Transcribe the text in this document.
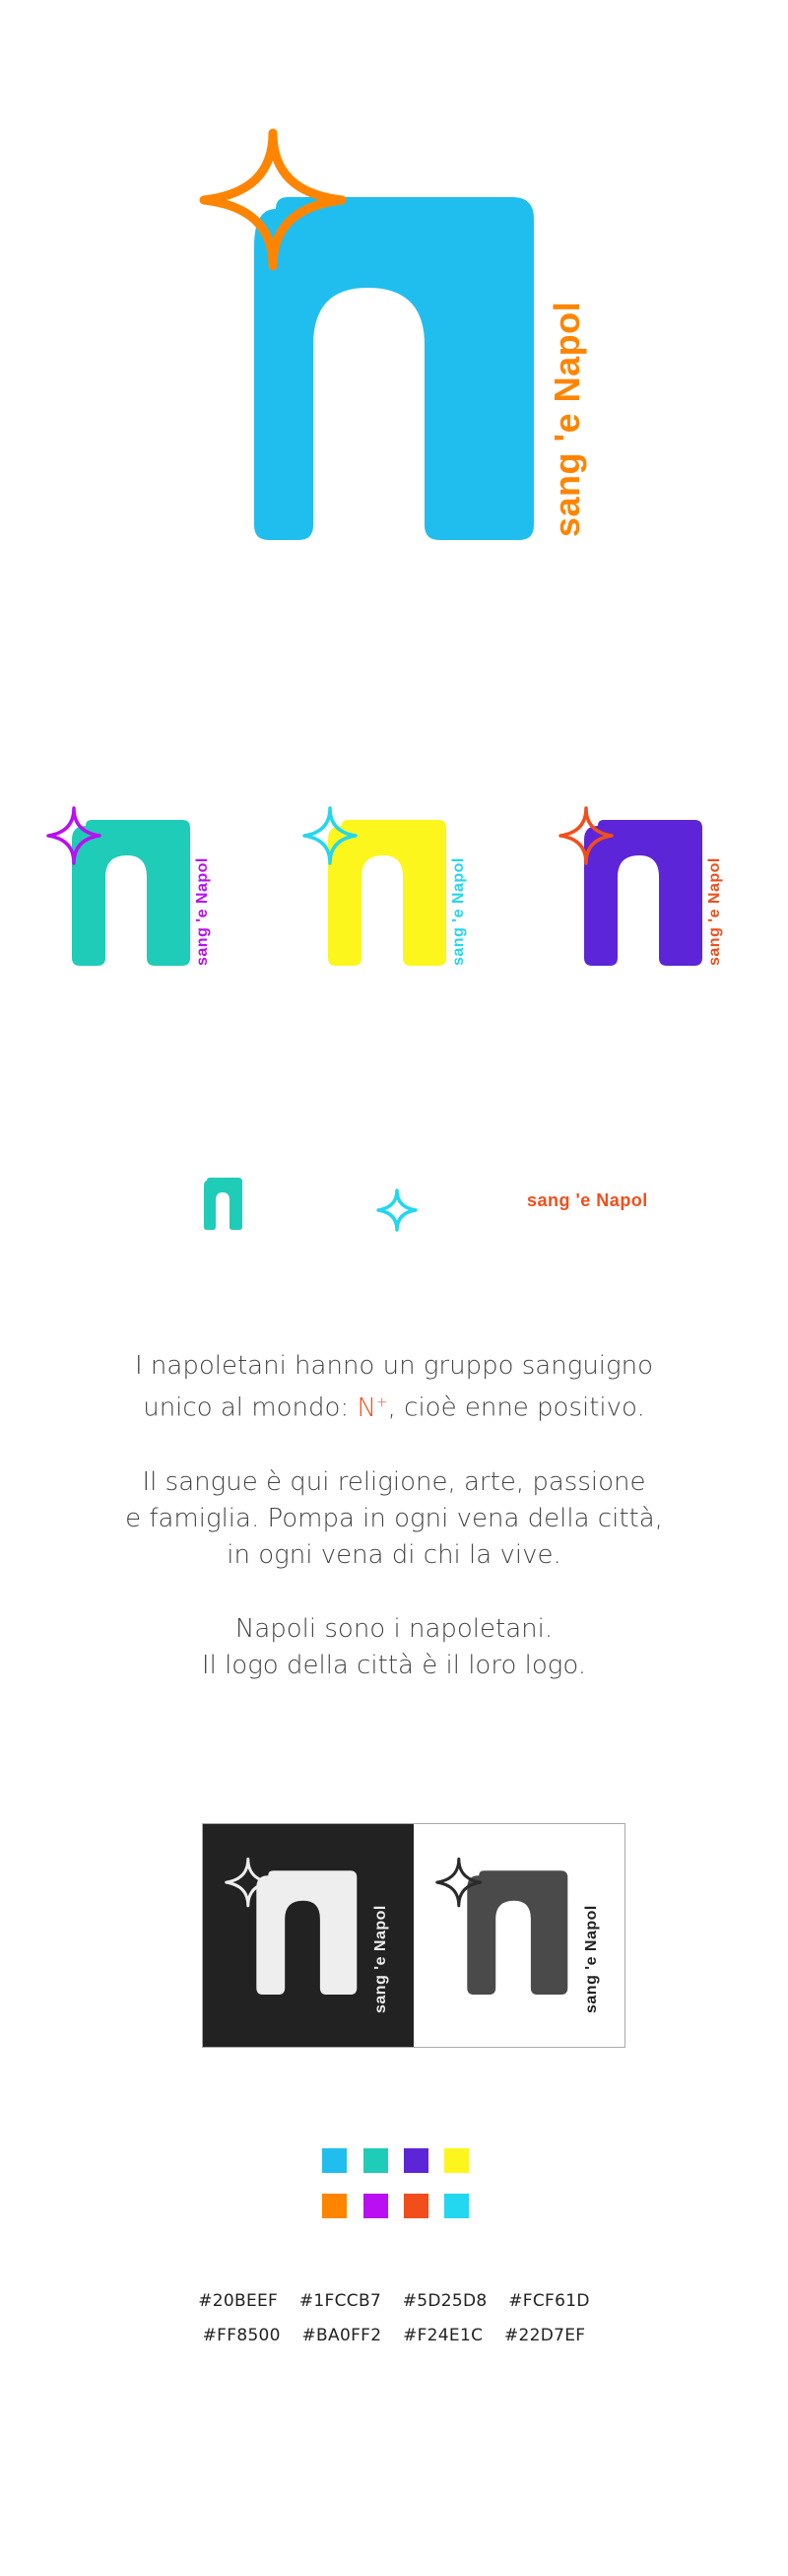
sang 'e Napol
sang 'e Napol	sang 'e Napol	sang 'e Napol
sang 'e Napol

I napoletani hanno un gruppo sanguigno
unico al mondo: N+, cioè enne positivo.

Il sangue è qui religione, arte, passione
e famiglia. Pompa in ogni vena della città,
in ogni vena di chi la vive.

Napoli sono i napoletani.
Il logo della città è il loro logo.

sang 'e Napol	sang 'e Napol
#20BEEF #1FCCB7 #5D25D8 #FCF61D
#FF8500 #BA0FF2 #F24E1C #22D7EF
